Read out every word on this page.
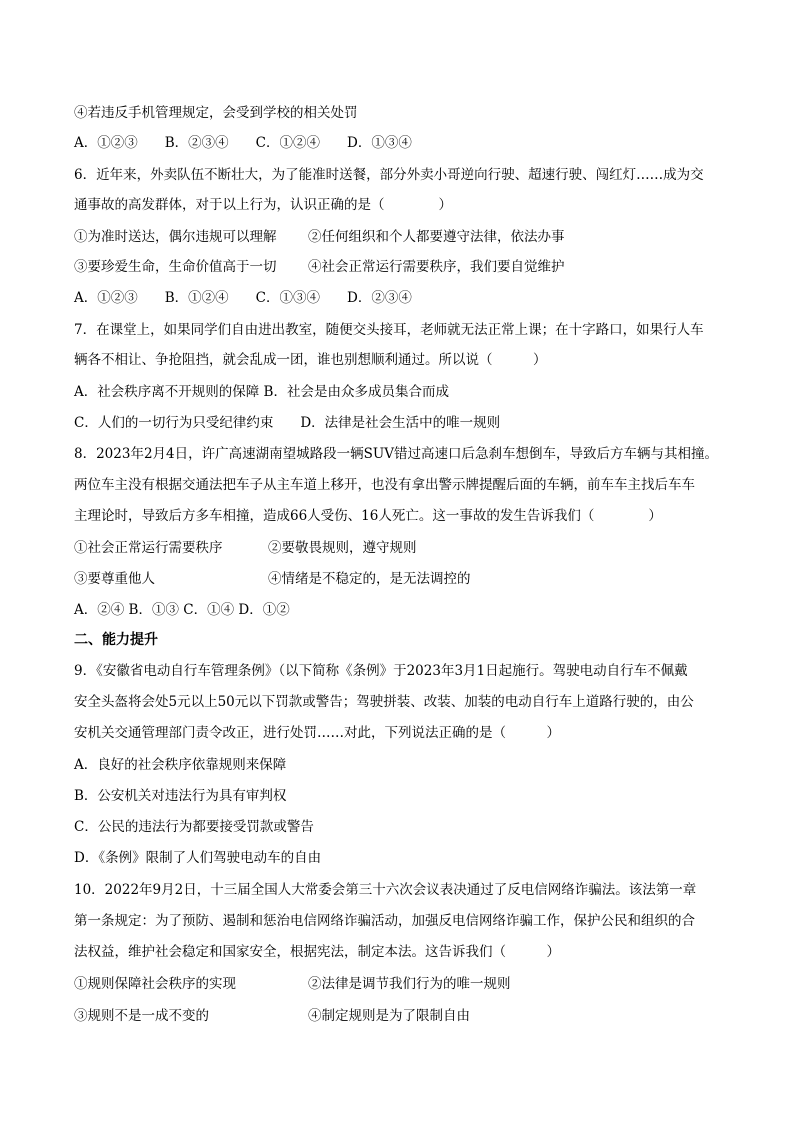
④若违反手机管理规定，会受到学校的相关处罚
A．①②③　　B．②③④　　C．①②④　　D．①③④
6．近年来，外卖队伍不断壮大，为了能准时送餐，部分外卖小哥逆向行驶、超速行驶、闯红灯……成为交
通事故的高发群体，对于以上行为，认识正确的是（　　　　）
①为准时送达，偶尔违规可以理解 ②任何组织和个人都要遵守法律，依法办事
③要珍爱生命，生命价值高于一切 ④社会正常运行需要秩序，我们要自觉维护
A．①②③　　B．①②④　　C．①③④　　D．②③④
7．在课堂上，如果同学们自由进出教室，随便交头接耳，老师就无法正常上课；在十字路口，如果行人车
辆各不相让、争抢阻挡，就会乱成一团，谁也别想顺利通过。所以说（　　　）
A．社会秩序离不开规则的保障 B．社会是由众多成员集合而成
C．人们的一切行为只受纪律约束　　D．法律是社会生活中的唯一规则
8．2023年2月4日，许广高速湖南望城路段一辆SUV错过高速口后急刹车想倒车，导致后方车辆与其相撞。
两位车主没有根据交通法把车子从主车道上移开，也没有拿出警示牌提醒后面的车辆，前车车主找后车车
主理论时，导致后方多车相撞，造成66人受伤、16人死亡。这一事故的发生告诉我们（　　　　）
①社会正常运行需要秩序	②要敬畏规则，遵守规则
③要尊重他人	④情绪是不稳定的，是无法调控的
A．②④ B．①③ C．①④ D．①②
二、能力提升
9．《安徽省电动自行车管理条例》（以下简称《条例》于2023年3月1日起施行。驾驶电动自行车不佩戴
安全头盔将会处5元以上50元以下罚款或警告；驾驶拼装、改装、加装的电动自行车上道路行驶的，由公
安机关交通管理部门责令改正，进行处罚……对此，下列说法正确的是（　　　）
A．良好的社会秩序依靠规则来保障
B．公安机关对违法行为具有审判权
C．公民的违法行为都要接受罚款或警告
D．《条例》限制了人们驾驶电动车的自由
10．2022年9月2日，十三届全国人大常委会第三十六次会议表决通过了反电信网络诈骗法。该法第一章
第一条规定：为了预防、遏制和惩治电信网络诈骗活动，加强反电信网络诈骗工作，保护公民和组织的合
法权益，维护社会稳定和国家安全，根据宪法，制定本法。这告诉我们（　　　）
①规则保障社会秩序的实现	②法律是调节我们行为的唯一规则
③规则不是一成不变的	④制定规则是为了限制自由
